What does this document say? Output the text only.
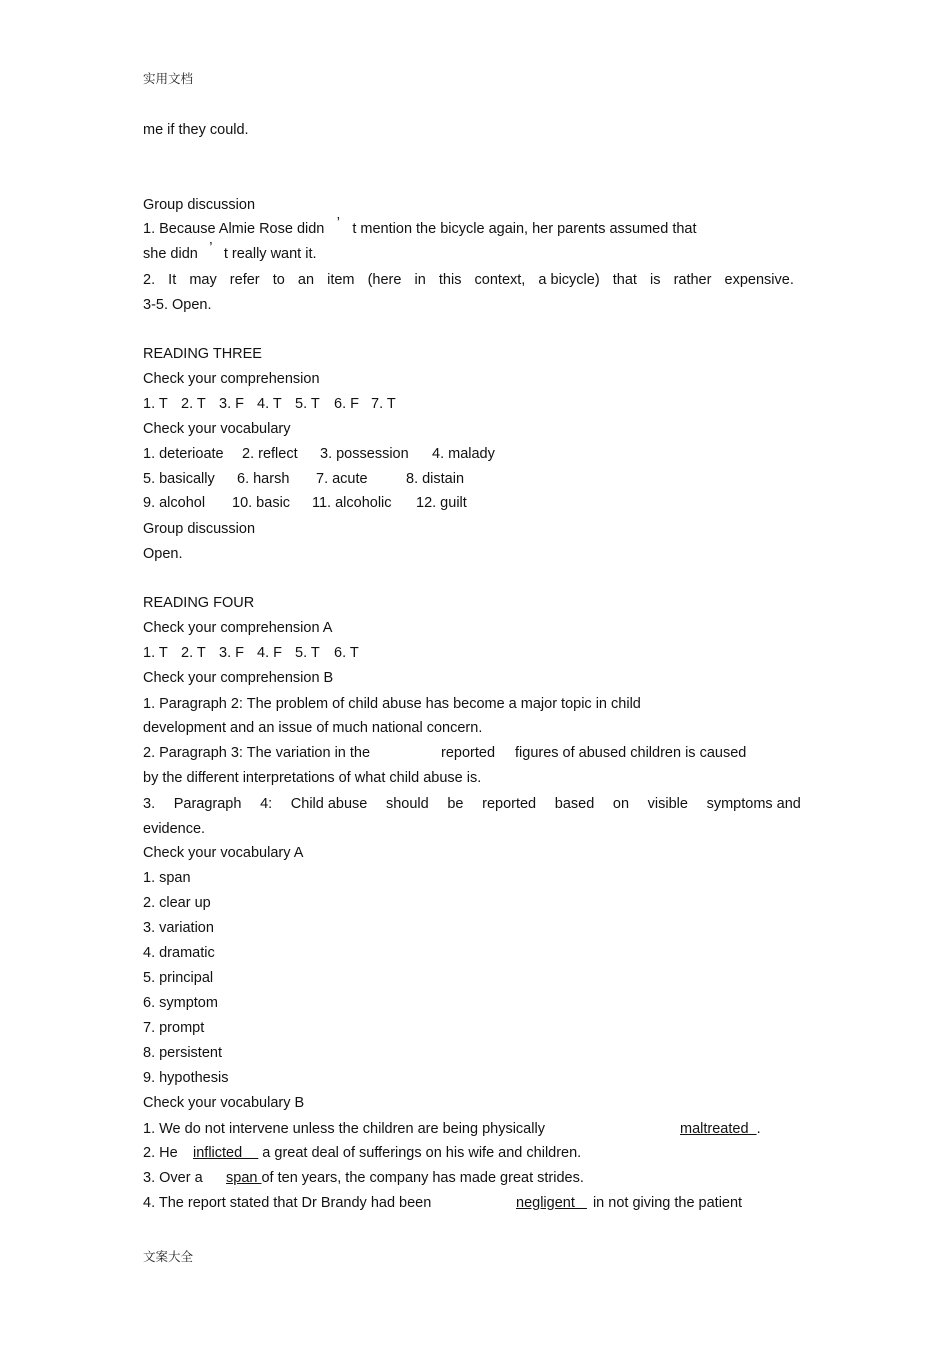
实用文档
文案大全
me if they could.
Group discussion
1. Because Almie Rose didn ’ t mention the bicycle again, her parents assumed that
she didn ’ t really want it.
2. It may refer to an item (here in this context, a bicycle) that is rather expensive.
3-5. Open.
READING THREE
Check your comprehension
1. T 2. T 3. F 4. T 5. T 6. F 7. T
Check your vocabulary
1. deterioate 2. reflect 3. possession 4. malady
5. basically 6. harsh 7. acute	8. distain
9. alcohol 10. basic 11. alcoholic 12. guilt
Group discussion
Open.
READING FOUR
Check your comprehension A
1. T 2. T 3. F 4. F 5. T 6. T
Check your comprehension B
1. Paragraph 2: The problem of child abuse has become a major topic in child
development and an issue of much national concern.
2. Paragraph 3: The variation in the	reported figures of abused children is caused
by the different interpretations of what child abuse is.
3. Paragraph 4: Child abuse should be reported based on visible symptoms and
evidence.
Check your vocabulary A
1. span
2. clear up
3. variation
4. dramatic
5. principal
6. symptom
7. prompt
8. persistent
9. hypothesis
Check your vocabulary B
1. We do not intervene unless the children are being physically	maltreated  .
2. He inflicted    a great deal of sufferings on his wife and children.
3. Over a span of ten years, the company has made great strides.
4. The report stated that Dr Brandy had been	negligent   in not giving the patient
